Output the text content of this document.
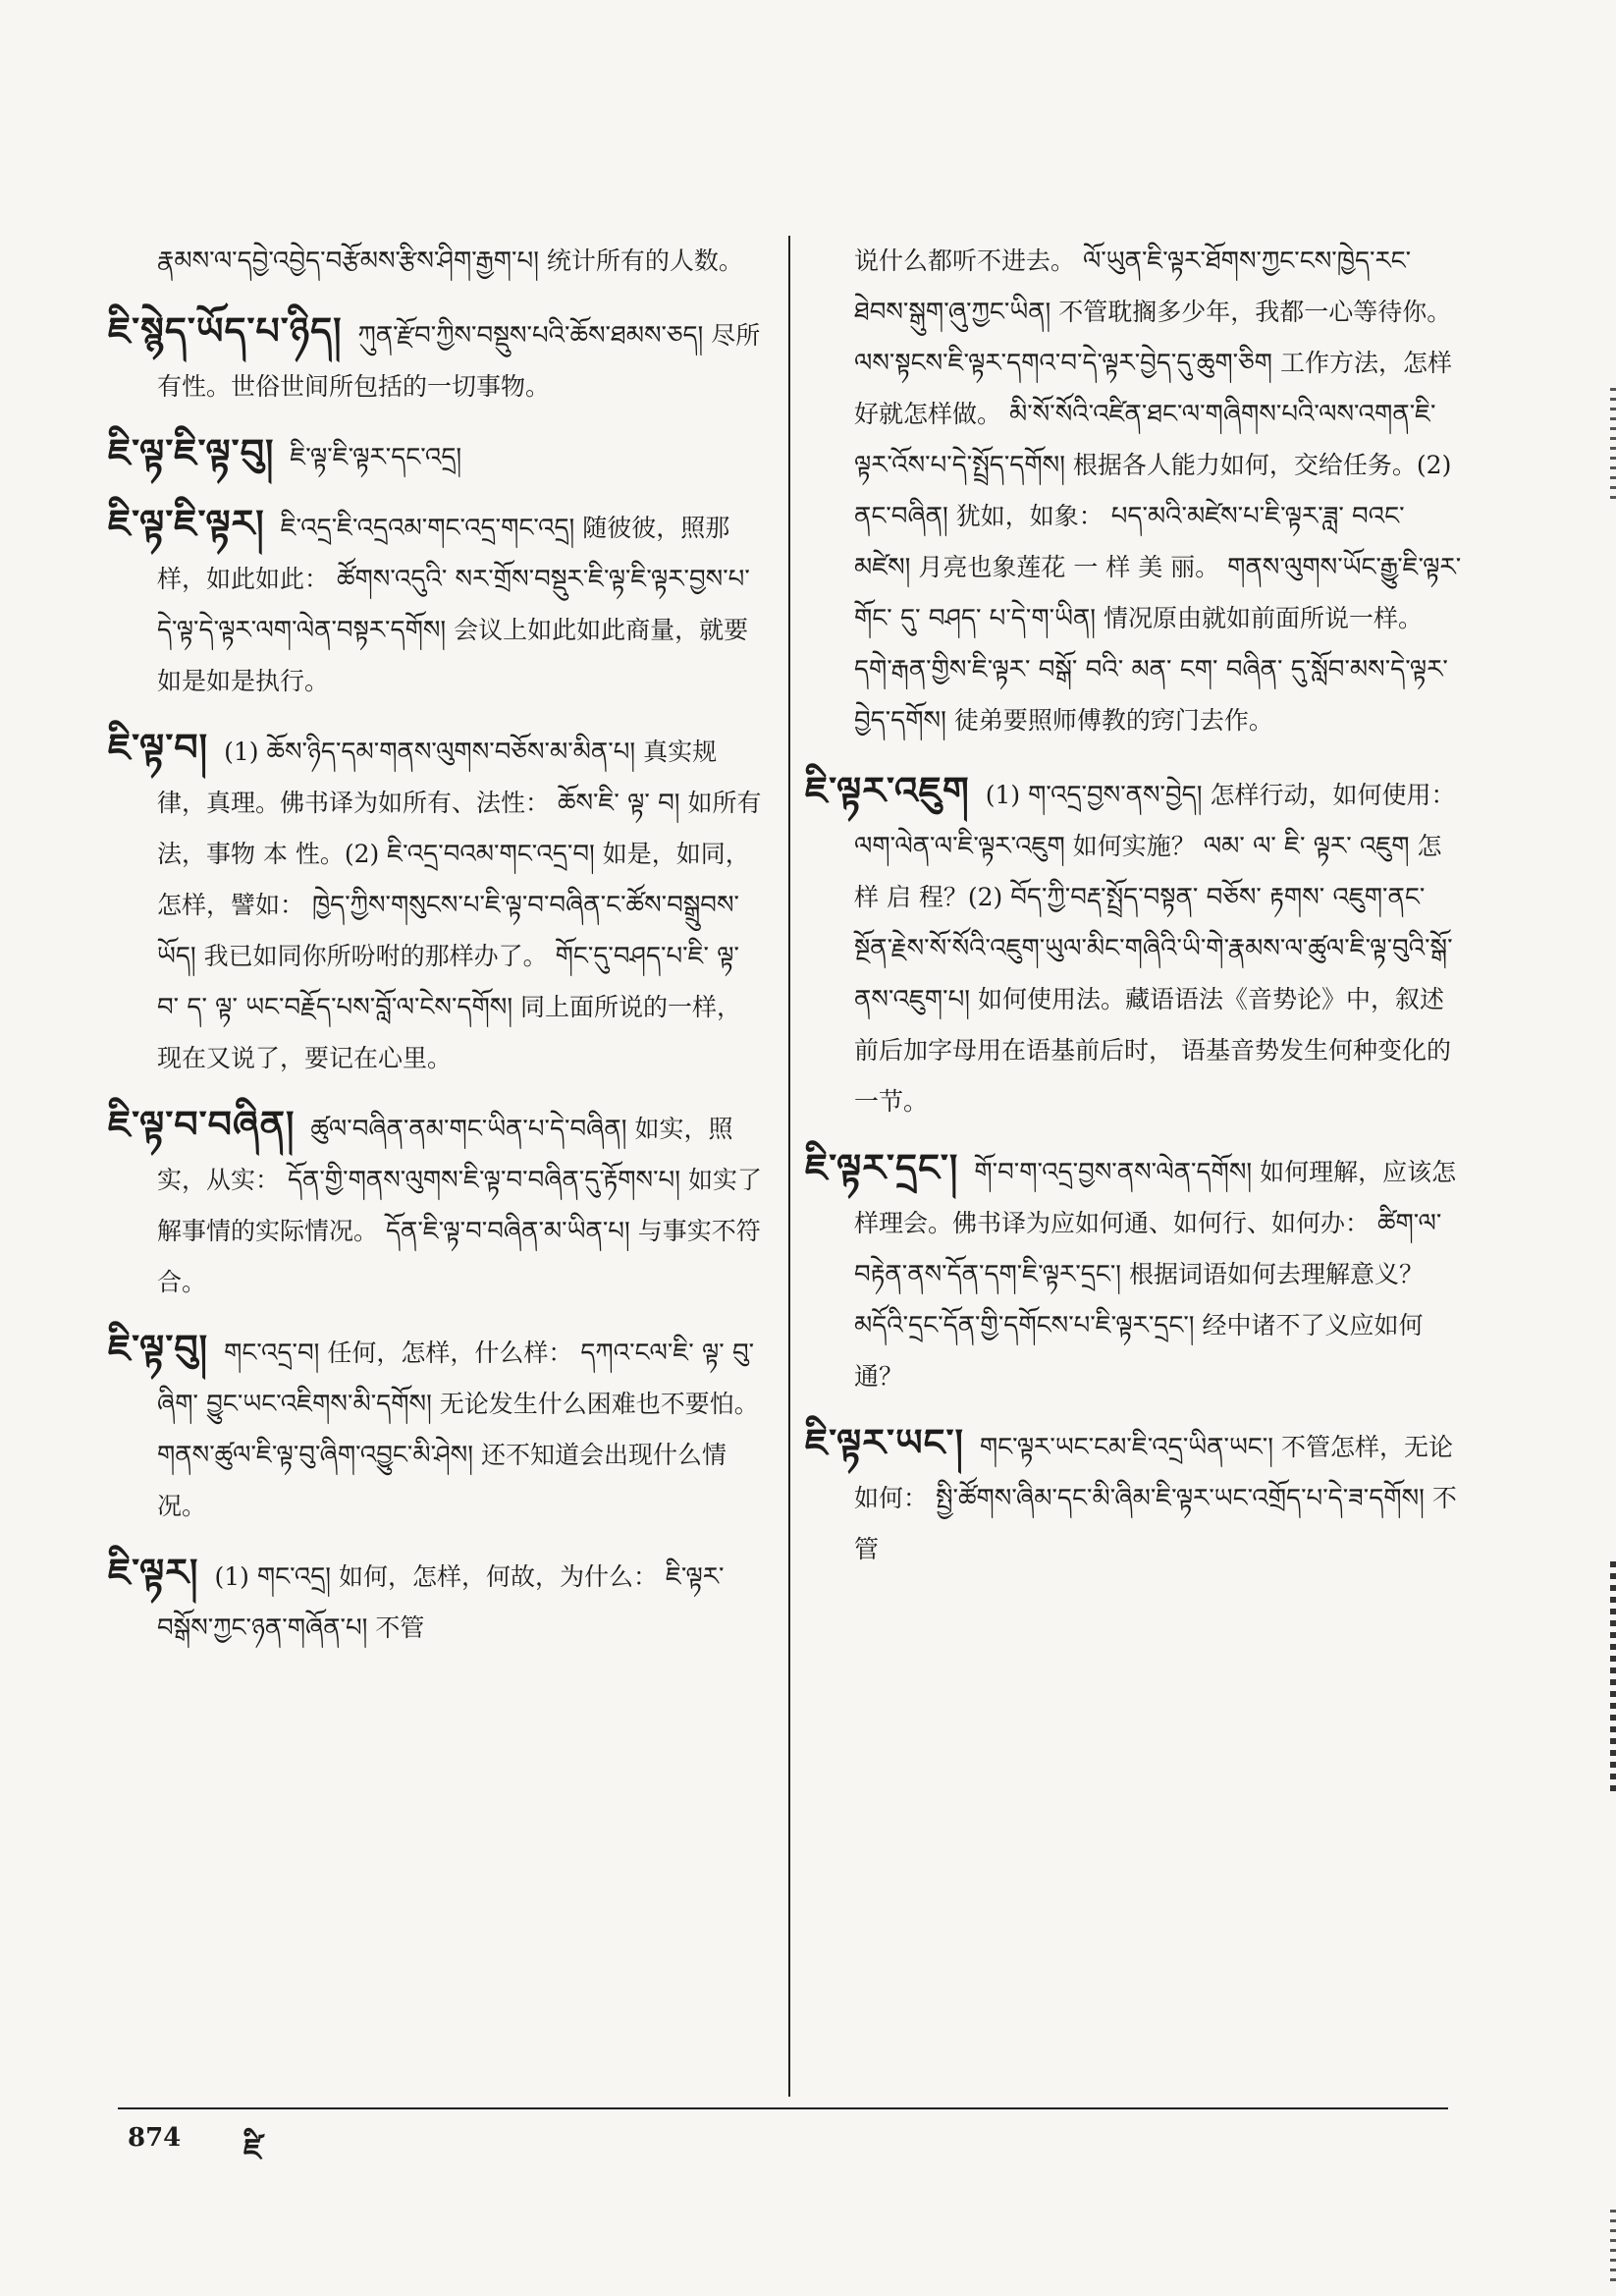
རྣམས་ལ་དབྱེ་འབྱེད་བརྩོམས་རྩིས་ཤིག་རྒྱག་པ། 统计所有的人数。
ཇི་སྙེད་ཡོད་པ་ཉིད།  ཀུན་རྫོབ་ཀྱིས་བསྡུས་པའི་ཆོས་ཐམས་ཅད། 尽所有性。世俗世间所包括的一切事物。
ཇི་ལྟ་ཇི་ལྟ་བུ།  ཇི་ལྟ་ཇི་ལྟར་དང་འདྲ།
ཇི་ལྟ་ཇི་ལྟར།  ཇི་འདྲ་ཇི་འདྲའམ་གང་འདྲ་གང་འདྲ། 随彼彼，照那样，如此如此： ཚོགས་འདུའི་ སར་གྲོས་བསྡུར་ཇི་ལྟ་ཇི་ལྟར་བྱས་པ་དེ་ལྟ་དེ་ལྟར་ལག་ལེན་བསྟར་དགོས། 会议上如此如此商量，就要如是如是执行。
ཇི་ལྟ་བ།  (1) ཆོས་ཉིད་དམ་གནས་ལུགས་བཅོས་མ་མིན་པ། 真实规律，真理。佛书译为如所有、法性： ཆོས་ཇི་ ལྟ་ བ། 如所有法，事物 本 性。(2) ཇི་འདྲ་བའམ་གང་འདྲ་བ། 如是，如同，怎样，譬如： ཁྱེད་ཀྱིས་གསུངས་པ་ཇི་ལྟ་བ་བཞིན་ང་ཚོས་བསྒྲུབས་ཡོད། 我已如同你所吩咐的那样办了。 གོང་དུ་བཤད་པ་ཇི་ ལྟ་ བ་ ད་ ལྟ་ ཡང་བརྗོད་པས་བློ་ལ་ངེས་དགོས། 同上面所说的一样，现在又说了，要记在心里。
ཇི་ལྟ་བ་བཞིན།  ཚུལ་བཞིན་ནམ་གང་ཡིན་པ་དེ་བཞིན། 如实，照实，从实： དོན་གྱི་གནས་ལུགས་ཇི་ལྟ་བ་བཞིན་དུ་རྟོགས་པ། 如实了解事情的实际情况。 དོན་ཇི་ལྟ་བ་བཞིན་མ་ཡིན་པ། 与事实不符合。
ཇི་ལྟ་བུ།  གང་འདྲ་བ། 任何，怎样，什么样： དཀའ་ངལ་ཇི་ ལྟ་ བུ་ ཞིག་ བྱུང་ཡང་འཇིགས་མི་དགོས། 无论发生什么困难也不要怕。 གནས་ཚུལ་ཇི་ལྟ་བུ་ཞིག་འབྱུང་མི་ཤེས། 还不知道会出现什么情况。
ཇི་ལྟར།  (1) གང་འདྲ། 如何，怎样，何故，为什么： ཇི་ལྟར་བསྒོས་ཀྱང་ཉན་གཞོན་པ། 不管
说什么都听不进去。 ལོ་ཡུན་ཇི་ལྟར་ཐོགས་ཀྱང་ངས་ཁྱེད་རང་ཐེབས་སྒུག་ཞུ་ཀྱང་ཡིན། 不管耽搁多少年，我都一心等待你。 ལས་སྟངས་ཇི་ལྟར་དགའ་བ་དེ་ལྟར་བྱེད་དུ་ཆུག་ཅིག 工作方法，怎样好就怎样做。 མི་སོ་སོའི་འཛིན་ཐང་ལ་གཞིགས་པའི་ལས་འགན་ཇི་ལྟར་འོས་པ་དེ་སྤྲོད་དགོས། 根据各人能力如何，交给任务。(2) ནང་བཞིན། 犹如，如象： པད་མའི་མཛེས་པ་ཇི་ལྟར་ཟླ་ བའང་ མཛེས། 月亮也象莲花 一 样 美 丽。 གནས་ལུགས་ཡོང་རྒྱུ་ཇི་ལྟར་གོང་ དུ་ བཤད་ པ་དེ་ག་ཡིན། 情况原由就如前面所说一样。 དགེ་རྒན་གྱིས་ཇི་ལྟར་ བསྒོ་ བའི་ མན་ ངག་ བཞིན་ དུ་སློབ་མས་དེ་ལྟར་བྱེད་དགོས། 徒弟要照师傅教的窍门去作。
ཇི་ལྟར་འཇུག  (1) ག་འདྲ་བྱས་ནས་བྱེད། 怎样行动，如何使用： ལག་ལེན་ལ་ཇི་ལྟར་འཇུག 如何实施？ ལམ་ ལ་ ཇི་ ལྟར་ འཇུག 怎 样 启 程？(2) བོད་ཀྱི་བརྡ་སྤྲོད་བསྟན་ བཅོས་ རྟགས་ འཇུག་ནང་སྔོན་རྗེས་སོ་སོའི་འཇུག་ཡུལ་མིང་གཞིའི་ཡི་གེ་རྣམས་ལ་ཚུལ་ཇི་ལྟ་བུའི་སྒོ་ནས་འཇུག་པ། 如何使用法。藏语语法《音势论》中，叙述前后加字母用在语基前后时， 语基音势发生何种变化的一节。
ཇི་ལྟར་དྲང་།  གོ་བ་ག་འདྲ་བྱས་ནས་ལེན་དགོས། 如何理解，应该怎样理会。佛书译为应如何通、如何行、如何办： ཚིག་ལ་བརྟེན་ནས་དོན་དག་ཇི་ལྟར་དྲང་། 根据词语如何去理解意义？ མདོའི་དྲང་དོན་གྱི་དགོངས་པ་ཇི་ལྟར་དྲང་། 经中诸不了义应如何通？
ཇི་ལྟར་ཡང་།  གང་ལྟར་ཡང་ངམ་ཇི་འདྲ་ཡིན་ཡང་། 不管怎样，无论如何： སྤྱི་ཚོགས་ཞིམ་དང་མི་ཞིམ་ཇི་ལྟར་ཡང་འགྲོད་པ་དེ་ཟ་དགོས། 不管
874 ཛི
